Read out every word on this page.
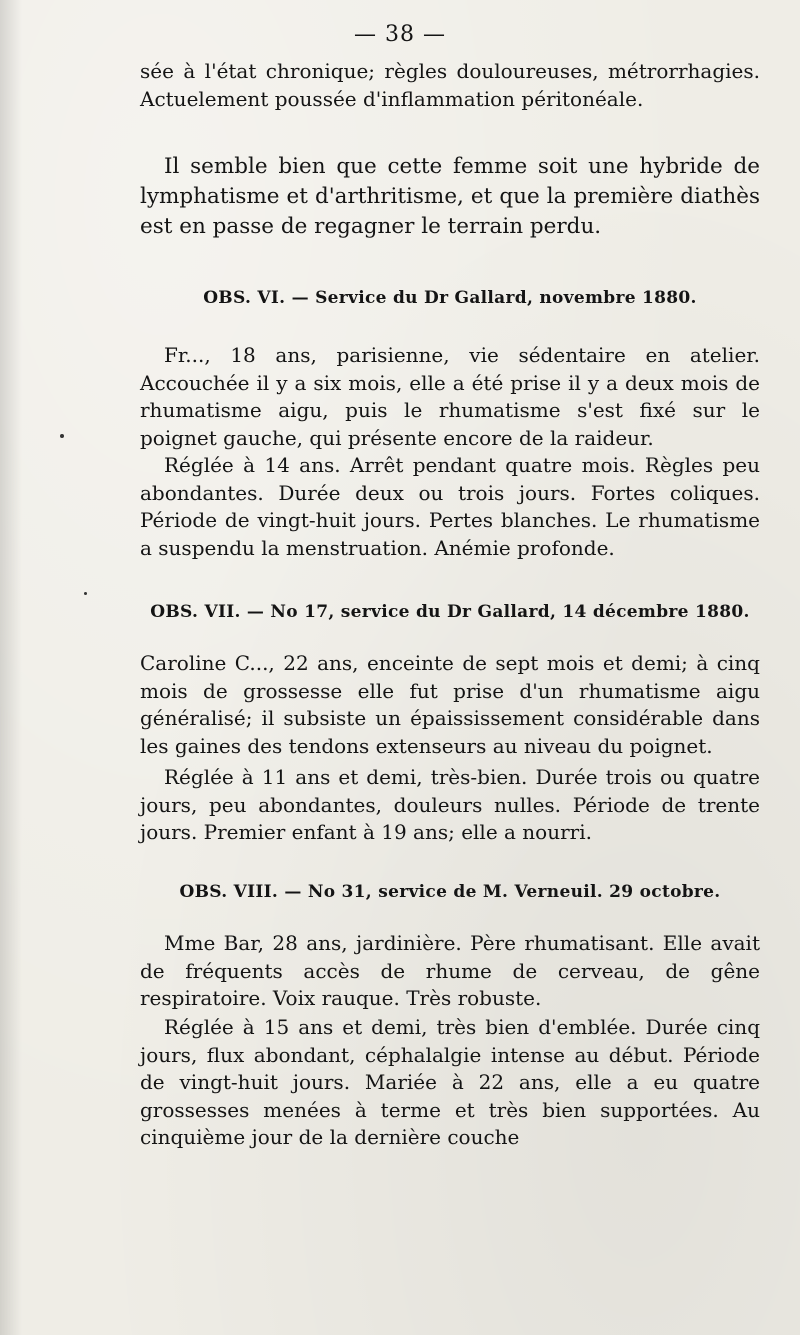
— 38 —

sée à l'état chronique; règles douloureuses, métrorrhagies. Actuelement poussée d'inflammation péritonéale.

Il semble bien que cette femme soit une hybride de lymphatisme et d'arthritisme, et que la première diathès est en passe de regagner le terrain perdu.

OBS. VI. — Service du Dr Gallard, novembre 1880.

Fr..., 18 ans, parisienne, vie sédentaire en atelier. Accouchée il y a six mois, elle a été prise il y a deux mois de rhumatisme aigu, puis le rhumatisme s'est fixé sur le poignet gauche, qui présente encore de la raideur.

Réglée à 14 ans. Arrêt pendant quatre mois. Règles peu abondantes. Durée deux ou trois jours. Fortes coliques. Période de vingt-huit jours. Pertes blanches. Le rhumatisme a suspendu la menstruation. Anémie profonde.

OBS. VII. — No 17, service du Dr Gallard, 14 décembre 1880.

Caroline C..., 22 ans, enceinte de sept mois et demi; à cinq mois de grossesse elle fut prise d'un rhumatisme aigu généralisé; il subsiste un épaississement considérable dans les gaines des tendons extenseurs au niveau du poignet.

Réglée à 11 ans et demi, très-bien. Durée trois ou quatre jours, peu abondantes, douleurs nulles. Période de trente jours. Premier enfant à 19 ans; elle a nourri.

OBS. VIII. — No 31, service de M. Verneuil. 29 octobre.

Mme Bar, 28 ans, jardinière. Père rhumatisant. Elle avait de fréquents accès de rhume de cerveau, de gêne respiratoire. Voix rauque. Très robuste.

Réglée à 15 ans et demi, très bien d'emblée. Durée cinq jours, flux abondant, céphalalgie intense au début. Période de vingt-huit jours. Mariée à 22 ans, elle a eu quatre grossesses menées à terme et très bien supportées. Au cinquième jour de la dernière couche
